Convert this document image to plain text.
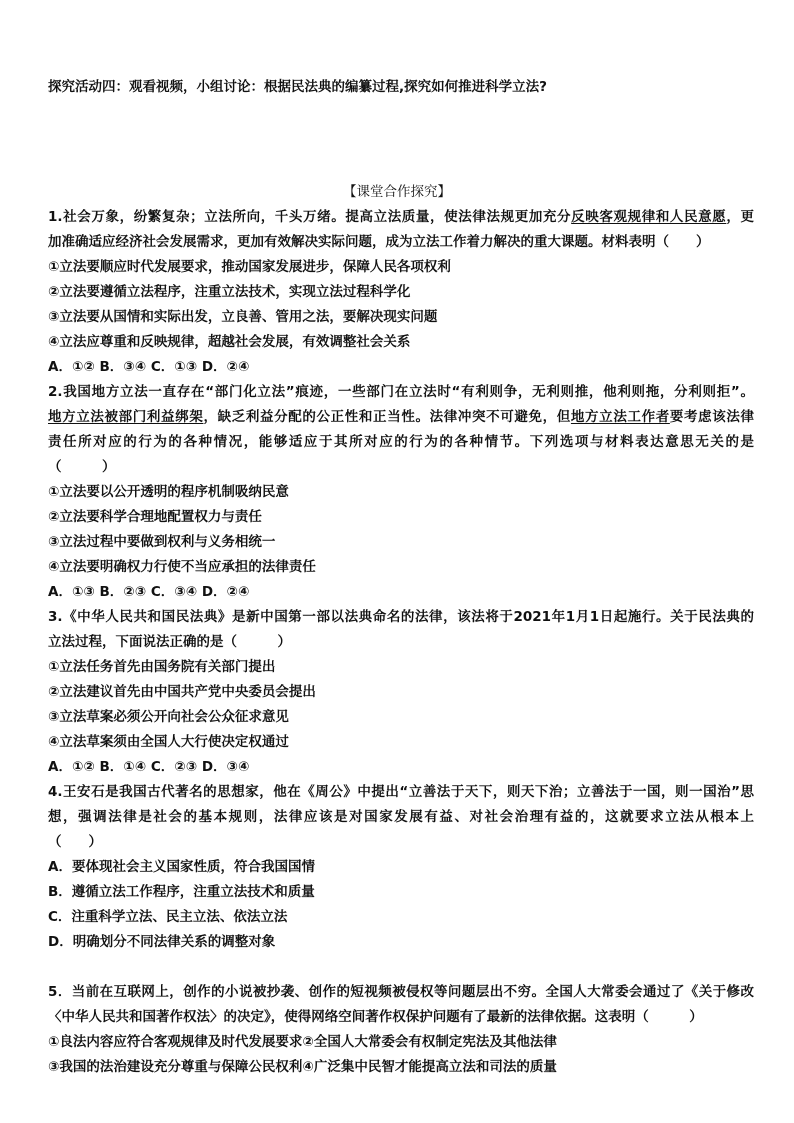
探究活动四：观看视频，小组讨论：根据民法典的编纂过程,探究如何推进科学立法?
【课堂合作探究】
1.社会万象，纷繁复杂；立法所向，千头万绪。提高立法质量，使法律法规更加充分反映客观规律和人民意愿，更
加准确适应经济社会发展需求，更加有效解决实际问题，成为立法工作着力解决的重大课题。材料表明（　　）
①立法要顺应时代发展要求，推动国家发展进步，保障人民各项权利
②立法要遵循立法程序，注重立法技术，实现立法过程科学化
③立法要从国情和实际出发，立良善、管用之法，要解决现实问题
④立法应尊重和反映规律，超越社会发展，有效调整社会关系
A．①② B．③④ C．①③ D．②④
2.我国地方立法一直存在“部门化立法”痕迹，一些部门在立法时“有利则争，无利则推，他利则拖，分利则拒”。
地方立法被部门利益绑架，缺乏利益分配的公正性和正当性。法律冲突不可避免，但地方立法工作者要考虑该法律
责任所对应的行为的各种情况，能够适应于其所对应的行为的各种情节。下列选项与材料表达意思无关的是
（　　　）
①立法要以公开透明的程序机制吸纳民意
②立法要科学合理地配置权力与责任
③立法过程中要做到权利与义务相统一
④立法要明确权力行使不当应承担的法律责任
A．①③ B．②③ C．③④ D．②④
3.《中华人民共和国民法典》是新中国第一部以法典命名的法律，该法将于2021年1月1日起施行。关于民法典的
立法过程，下面说法正确的是（　　　）
①立法任务首先由国务院有关部门提出
②立法建议首先由中国共产党中央委员会提出
③立法草案必须公开向社会公众征求意见
④立法草案须由全国人大行使决定权通过
A．①② B．①④ C．②③ D．③④
4.王安石是我国古代著名的思想家，他在《周公》中提出“立善法于天下，则天下治；立善法于一国，则一国治”思
想，强调法律是社会的基本规则，法律应该是对国家发展有益、对社会治理有益的，这就要求立法从根本上
（　　）
A．要体现社会主义国家性质，符合我国国情
B．遵循立法工作程序，注重立法技术和质量
C．注重科学立法、民主立法、依法立法
D．明确划分不同法律关系的调整对象
5．当前在互联网上，创作的小说被抄袭、创作的短视频被侵权等问题层出不穷。全国人大常委会通过了《关于修改
〈中华人民共和国著作权法〉的决定》，使得网络空间著作权保护问题有了最新的法律依据。这表明（　　　）
①良法内容应符合客观规律及时代发展要求②全国人大常委会有权制定宪法及其他法律
③我国的法治建设充分尊重与保障公民权利④广泛集中民智才能提高立法和司法的质量
